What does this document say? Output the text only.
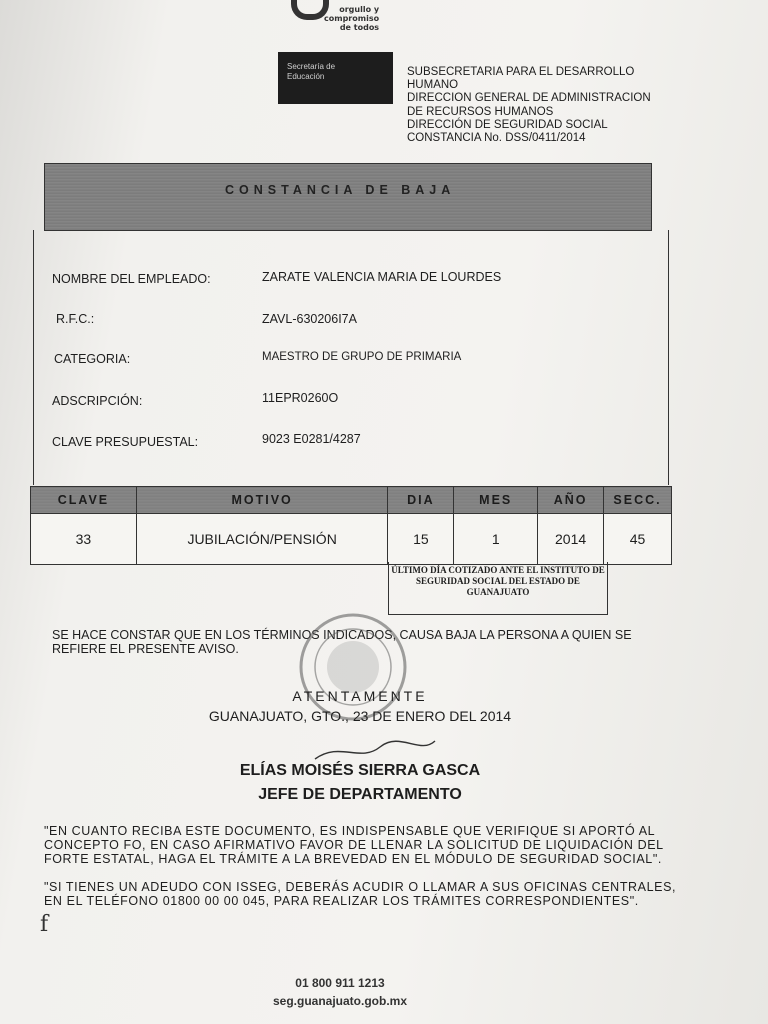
orgullo y
compromiso
de todos
Secretaría de
Educación	SUBSECRETARIA PARA EL DESARROLLO
HUMANO
DIRECCION GENERAL DE ADMINISTRACION
DE RECURSOS HUMANOS
DIRECCIÓN DE SEGURIDAD SOCIAL
CONSTANCIA No. DSS/0411/2014
CONSTANCIA DE BAJA
NOMBRE DEL EMPLEADO:	ZARATE VALENCIA MARIA DE LOURDES
R.F.C.:	ZAVL-630206I7A
CATEGORIA:	MAESTRO DE GRUPO DE PRIMARIA
ADSCRIPCIÓN:	11EPR0260O
CLAVE PRESUPUESTAL:	9023 E0281/4287
CLAVE	MOTIVO	DIA	MES	AÑO	SECC.
33	JUBILACIÓN/PENSIÓN	15	1	2014	45
ÚLTIMO DÍA COTIZADO ANTE EL INSTITUTO DE SEGURIDAD SOCIAL DEL ESTADO DE GUANAJUATO
SE HACE CONSTAR QUE EN LOS TÉRMINOS INDICADOS, CAUSA BAJA LA PERSONA A QUIEN SE REFIERE EL PRESENTE AVISO.
ATENTAMENTE
GUANAJUATO, GTO., 23 DE ENERO DEL 2014
ELÍAS MOISÉS SIERRA GASCA
JEFE DE DEPARTAMENTO
"EN CUANTO RECIBA ESTE DOCUMENTO, ES INDISPENSABLE QUE VERIFIQUE SI APORTÓ AL CONCEPTO FO, EN CASO AFIRMATIVO FAVOR DE LLENAR LA SOLICITUD DE LIQUIDACIÓN DEL FORTE ESTATAL, HAGA EL TRÁMITE A LA BREVEDAD EN EL MÓDULO DE SEGURIDAD SOCIAL".
"SI TIENES UN ADEUDO CON ISSEG, DEBERÁS ACUDIR O LLAMAR A SUS OFICINAS CENTRALES, EN EL TELÉFONO 01800 00 00 045, PARA REALIZAR LOS TRÁMITES CORRESPONDIENTES".
f
01 800 911 1213
seg.guanajuato.gob.mx
